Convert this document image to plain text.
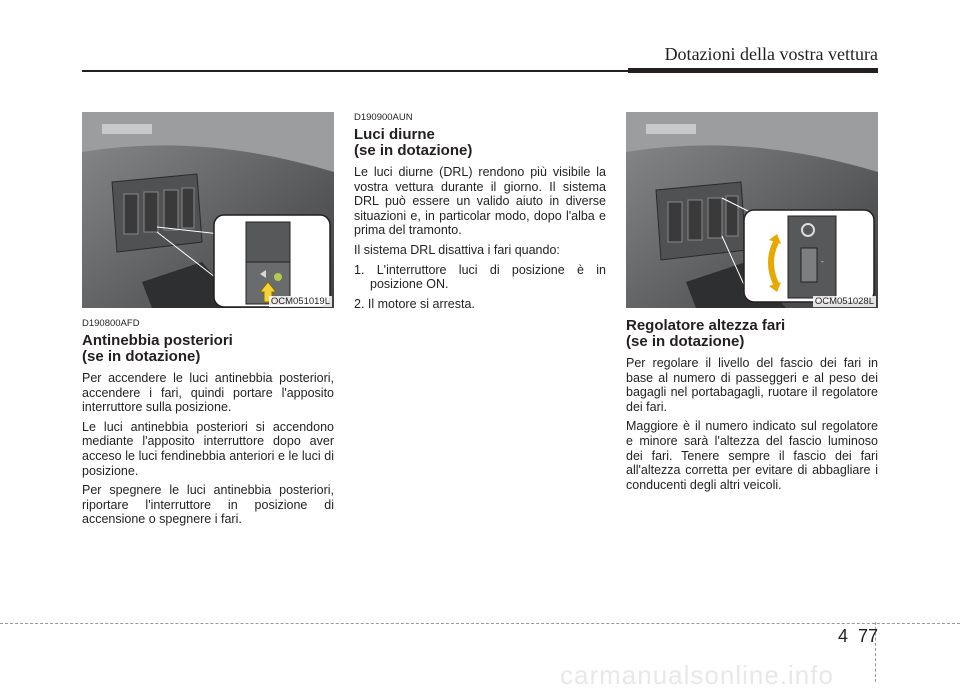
Dotazioni della vostra vettura
OCM051019L
D190800AFD
Antinebbia posteriori
(se in dotazione)

Per accendere le luci antinebbia posteriori, accendere i fari, quindi portare l'apposito interruttore sulla posizione.

Le luci antinebbia posteriori si accendono mediante l'apposito interruttore dopo aver acceso le luci fendinebbia anteriori e le luci di posizione.

Per spegnere le luci antinebbia posteriori, riportare l'interruttore in posizione di accensione o spegnere i fari.

D190900AUN
Luci diurne
(se in dotazione)

Le luci diurne (DRL) rendono più visibile la vostra vettura durante il giorno. Il sistema DRL può essere un valido aiuto in diverse situazioni e, in particolar modo, dopo l'alba e prima del tramonto.

Il sistema DRL disattiva i fari quando:

1. L'interruttore luci di posizione è in posizione ON.

2. Il motore si arresta.

-
OCM051028L
Regolatore altezza fari
(se in dotazione)

Per regolare il livello del fascio dei fari in base al numero di passeggeri e al peso dei bagagli nel portabagagli, ruotare il regolatore dei fari.

Maggiore è il numero indicato sul regolatore e minore sarà l'altezza del fascio luminoso dei fari. Tenere sempre il fascio dei fari all'altezza corretta per evitare di abbagliare i conducenti degli altri veicoli.

4 77
carmanualsonline.info
